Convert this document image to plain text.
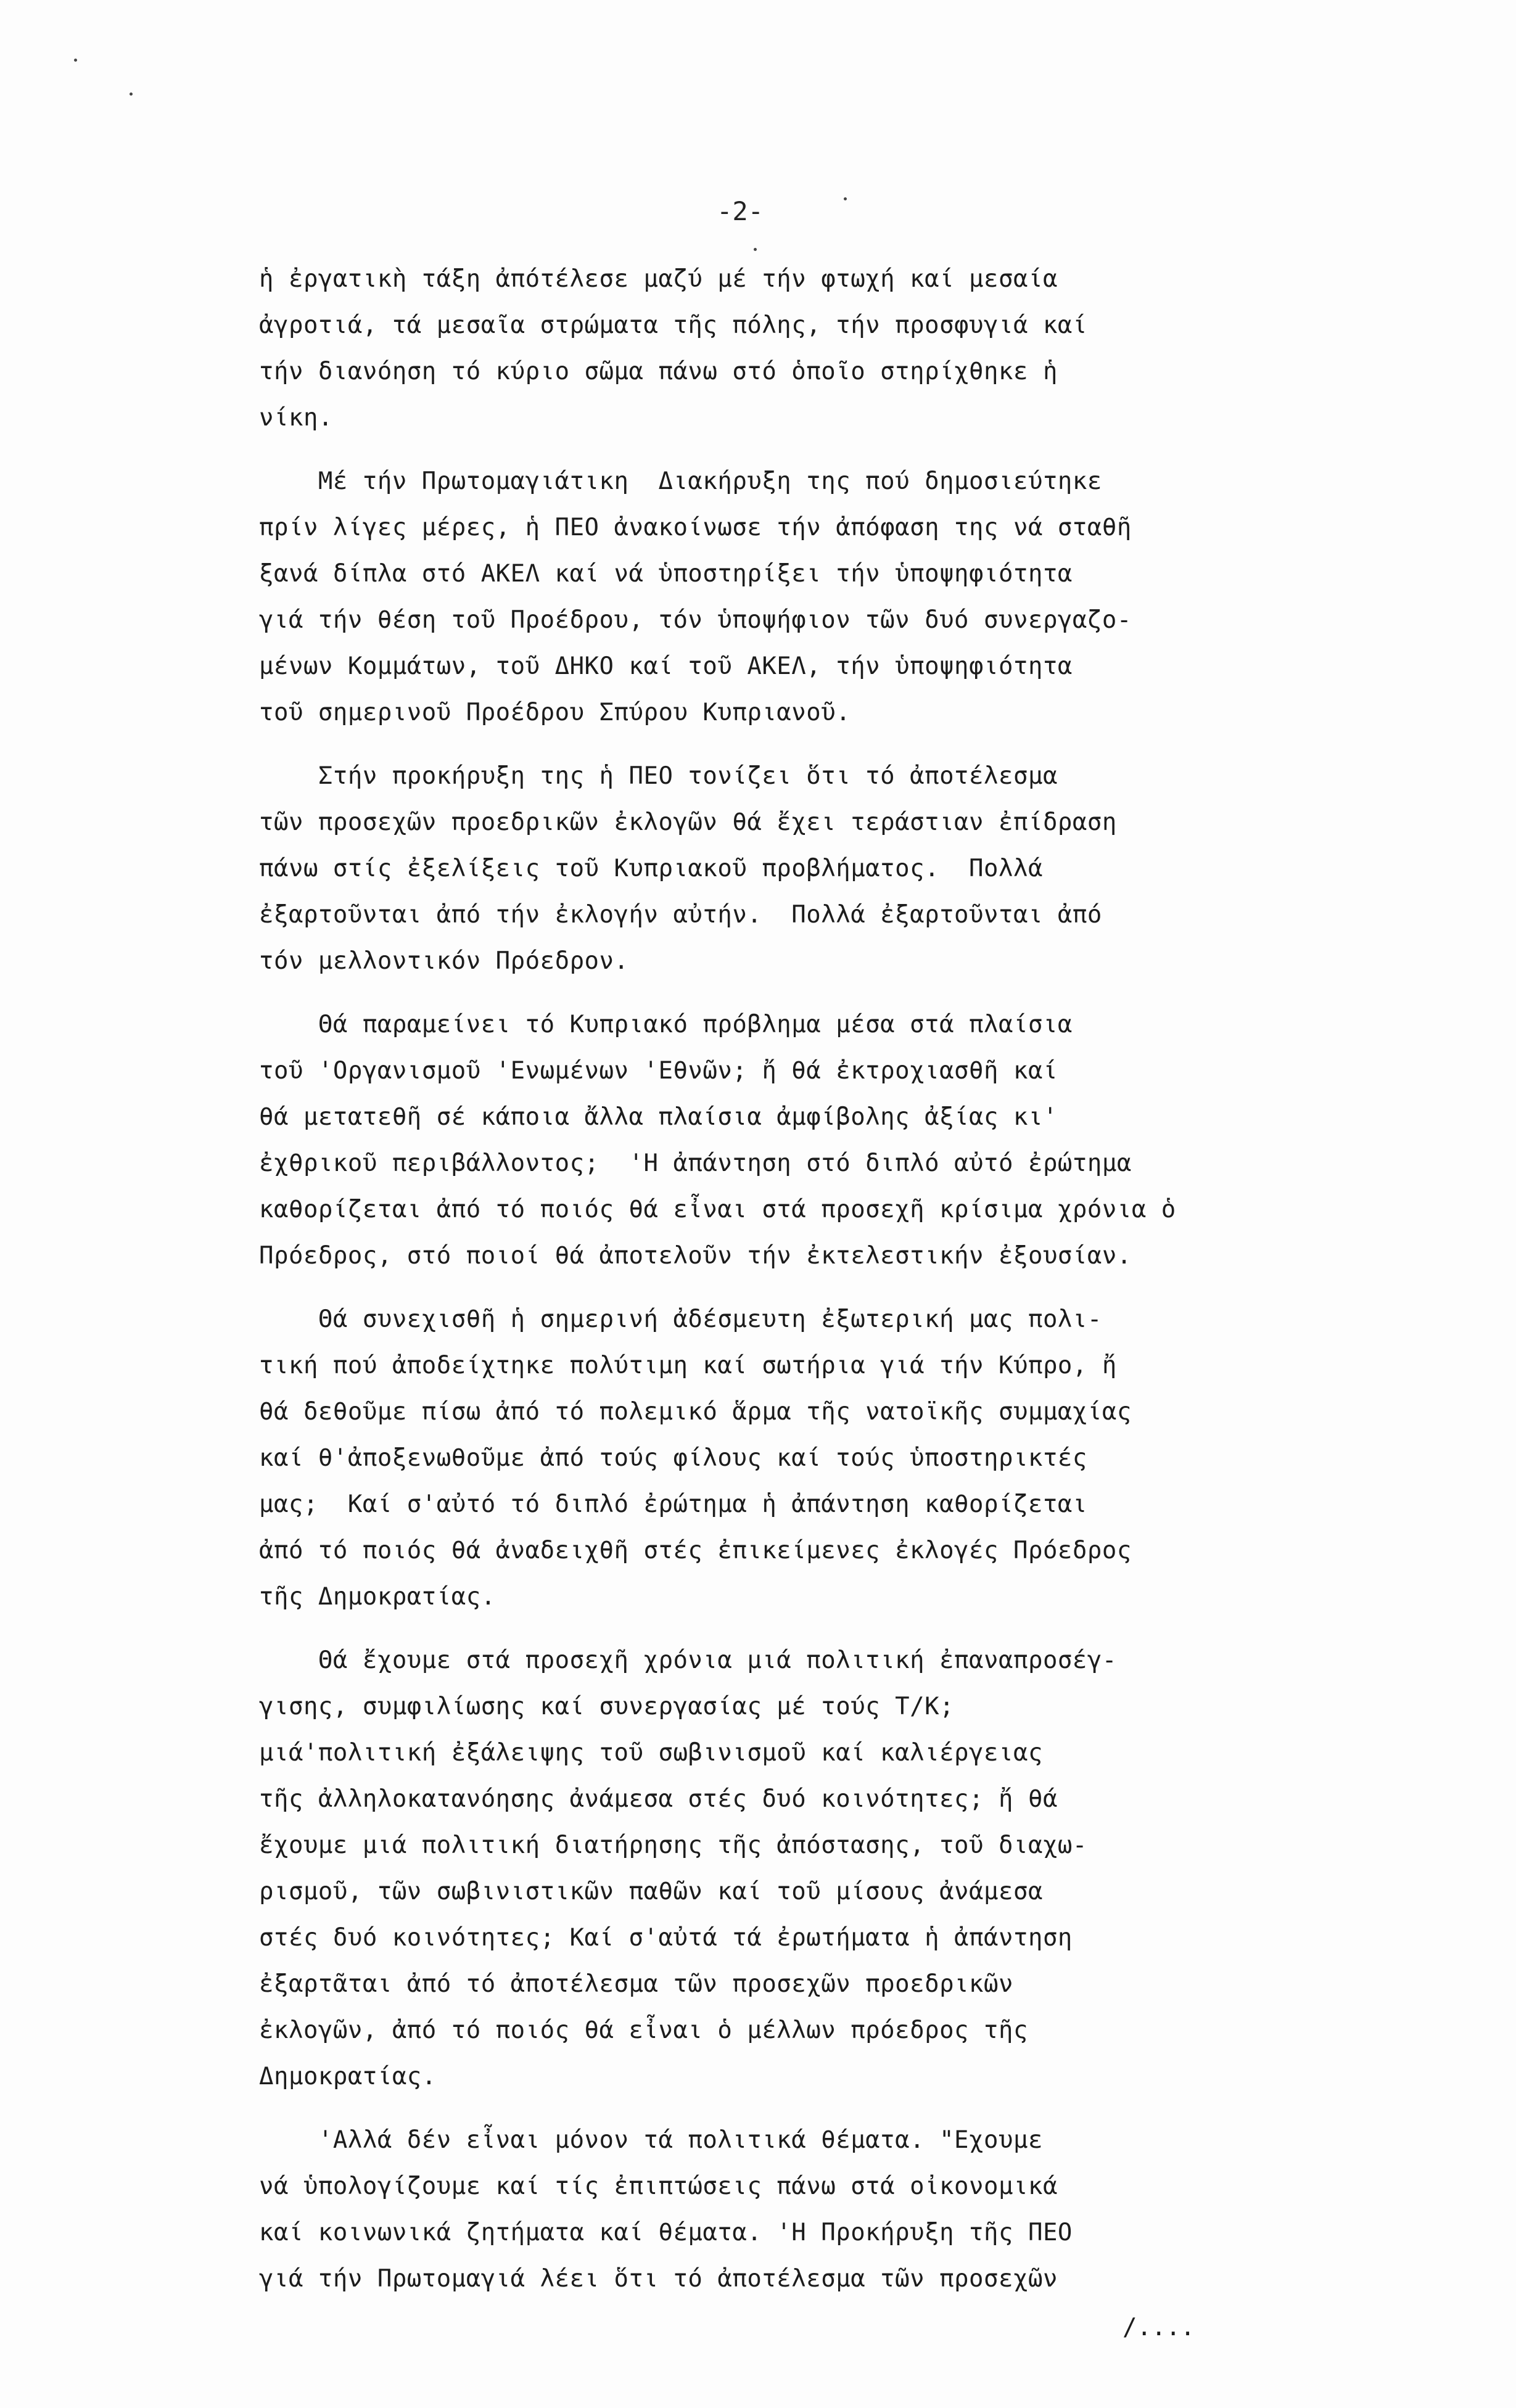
-2-
ἡ ἐργατικὴ τάξη ἀπότέλεσε μαζύ μέ τήν φτωχή καί μεσαία
ἀγροτιά, τά μεσαῖα στρώματα τῆς πόλης, τήν προσφυγιά καί
τήν διανόηση τό κύριο σῶμα πάνω στό ὁποῖο στηρίχθηκε ἡ
νίκη.
Μέ τήν Πρωτομαγιάτικη  Διακήρυξη της πού δημοσιεύτηκε
πρίν λίγες μέρες, ἡ ΠΕΟ ἀνακοίνωσε τήν ἀπόφαση της νά σταθῆ
ξανά δίπλα στό ΑΚΕΛ καί νά ὑποστηρίξει τήν ὑποψηφιότητα
γιά τήν θέση τοῦ Προέδρου, τόν ὑποψήφιον τῶν δυό συνεργαζο-
μένων Κομμάτων, τοῦ ΔΗΚΟ καί τοῦ ΑΚΕΛ, τήν ὑποψηφιότητα
τοῦ σημερινοῦ Προέδρου Σπύρου Κυπριανοῦ.
Στήν προκήρυξη της ἡ ΠΕΟ τονίζει ὅτι τό ἀποτέλεσμα
τῶν προσεχῶν προεδρικῶν ἐκλογῶν θά ἔχει τεράστιαν ἐπίδραση
πάνω στίς ἐξελίξεις τοῦ Κυπριακοῦ προβλήματος.  Πολλά
ἐξαρτοῦνται ἀπό τήν ἐκλογήν αὐτήν.  Πολλά ἐξαρτοῦνται ἀπό
τόν μελλοντικόν Πρόεδρον.
Θά παραμείνει τό Κυπριακό πρόβλημα μέσα στά πλαίσια
τοῦ 'Οργανισμοῦ 'Ενωμένων 'Εθνῶν; ἤ θά ἐκτροχιασθῆ καί
θά μετατεθῆ σέ κάποια ἄλλα πλαίσια ἀμφίβολης ἀξίας κι'
ἐχθρικοῦ περιβάλλοντος;  'Η ἀπάντηση στό διπλό αὐτό ἐρώτημα
καθορίζεται ἀπό τό ποιός θά εἶναι στά προσεχῆ κρίσιμα χρόνια ὁ
Πρόεδρος, στό ποιοί θά ἀποτελοῦν τήν ἐκτελεστικήν ἐξουσίαν.
Θά συνεχισθῆ ἡ σημερινή ἀδέσμευτη ἐξωτερική μας πολι-
τική πού ἀποδείχτηκε πολύτιμη καί σωτήρια γιά τήν Κύπρο, ἤ
θά δεθοῦμε πίσω ἀπό τό πολεμικό ἅρμα τῆς νατοϊκῆς συμμαχίας
καί θ'ἀποξενωθοῦμε ἀπό τούς φίλους καί τούς ὑποστηρικτές
μας;  Καί σ'αὐτό τό διπλό ἐρώτημα ἡ ἀπάντηση καθορίζεται
ἀπό τό ποιός θά ἀναδειχθῆ στές ἐπικείμενες ἐκλογές Πρόεδρος
τῆς Δημοκρατίας.
Θά ἔχουμε στά προσεχῆ χρόνια μιά πολιτική ἐπαναπροσέγ-
γισης, συμφιλίωσης καί συνεργασίας μέ τούς Τ/Κ;
μιά'πολιτική ἐξάλειψης τοῦ σωβινισμοῦ καί καλιέργειας
τῆς ἀλληλοκατανόησης ἀνάμεσα στές δυό κοινότητες; ἤ θά
ἔχουμε μιά πολιτική διατήρησης τῆς ἀπόστασης, τοῦ διαχω-
ρισμοῦ, τῶν σωβινιστικῶν παθῶν καί τοῦ μίσους ἀνάμεσα
στές δυό κοινότητες; Καί σ'αὐτά τά ἐρωτήματα ἡ ἀπάντηση
ἐξαρτᾶται ἀπό τό ἀποτέλεσμα τῶν προσεχῶν προεδρικῶν
ἐκλογῶν, ἀπό τό ποιός θά εἶναι ὁ μέλλων πρόεδρος τῆς
Δημοκρατίας.
'Αλλά δέν εἶναι μόνον τά πολιτικά θέματα. "Εχουμε
νά ὑπολογίζουμε καί τίς ἐπιπτώσεις πάνω στά οἰκονομικά
καί κοινωνικά ζητήματα καί θέματα. 'Η Προκήρυξη τῆς ΠΕΟ
γιά τήν Πρωτομαγιά λέει ὅτι τό ἀποτέλεσμα τῶν προσεχῶν
/....
